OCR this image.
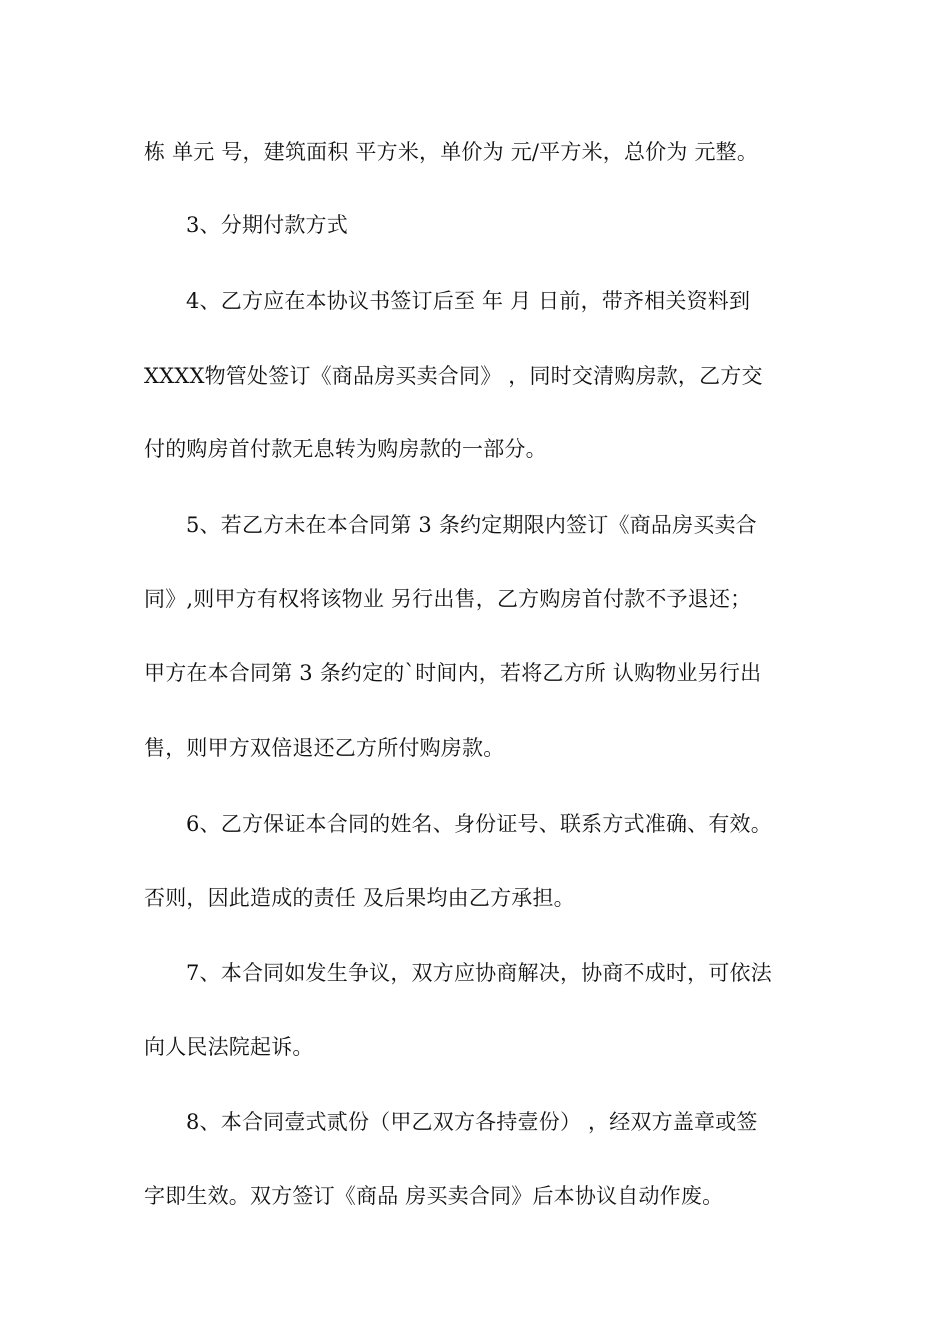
栋 单元 号，建筑面积 平方米，单价为 元/平方米，总价为 元整。
3、分期付款方式
4、乙方应在本协议书签订后至 年 月 日前，带齐相关资料到
XXXX物管处签订《商品房买卖合同》 ，同时交清购房款，乙方交
付的购房首付款无息转为购房款的一部分。
5、若乙方未在本合同第 3 条约定期限内签订《商品房买卖合
同》,则甲方有权将该物业 另行出售，乙方购房首付款不予退还；
甲方在本合同第 3 条约定的`时间内，若将乙方所 认购物业另行出
售，则甲方双倍退还乙方所付购房款。
6、乙方保证本合同的姓名、身份证号、联系方式准确、有效。
否则，因此造成的责任 及后果均由乙方承担。
7、本合同如发生争议，双方应协商解决，协商不成时，可依法
向人民法院起诉。
8、本合同壹式贰份（甲乙双方各持壹份） ，经双方盖章或签
字即生效。双方签订《商品 房买卖合同》后本协议自动作废。
